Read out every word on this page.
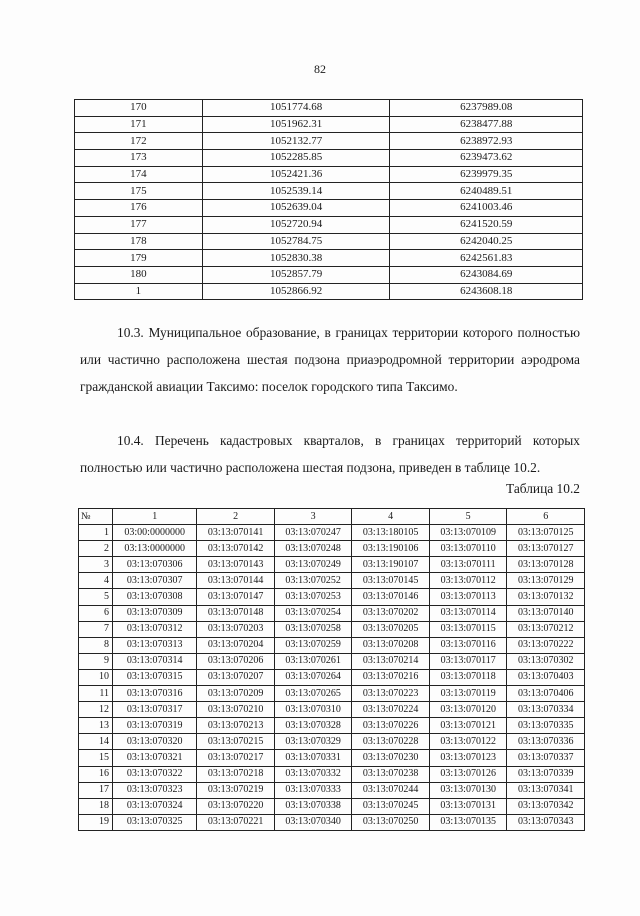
82
170	1051774.68	6237989.08
171	1051962.31	6238477.88
172	1052132.77	6238972.93
173	1052285.85	6239473.62
174	1052421.36	6239979.35
175	1052539.14	6240489.51
176	1052639.04	6241003.46
177	1052720.94	6241520.59
178	1052784.75	6242040.25
179	1052830.38	6242561.83
180	1052857.79	6243084.69
1	1052866.92	6243608.18
10.3. Муниципальное образование, в границах территории которого полностью или частично расположена шестая подзона приаэродромной территории аэродрома гражданской авиации Таксимо: поселок городского типа Таксимо.
10.4. Перечень кадастровых кварталов, в границах территорий которых полностью или частично расположена шестая подзона, приведен в таблице 10.2.
Таблица 10.2
№	1	2	3	4	5	6
1	03:00:0000000	03:13:070141	03:13:070247	03:13:180105	03:13:070109	03:13:070125
2	03:13:0000000	03:13:070142	03:13:070248	03:13:190106	03:13:070110	03:13:070127
3	03:13:070306	03:13:070143	03:13:070249	03:13:190107	03:13:070111	03:13:070128
4	03:13:070307	03:13:070144	03:13:070252	03:13:070145	03:13:070112	03:13:070129
5	03:13:070308	03:13:070147	03:13:070253	03:13:070146	03:13:070113	03:13:070132
6	03:13:070309	03:13:070148	03:13:070254	03:13:070202	03:13:070114	03:13:070140
7	03:13:070312	03:13:070203	03:13:070258	03:13:070205	03:13:070115	03:13:070212
8	03:13:070313	03:13:070204	03:13:070259	03:13:070208	03:13:070116	03:13:070222
9	03:13:070314	03:13:070206	03:13:070261	03:13:070214	03:13:070117	03:13:070302
10	03:13:070315	03:13:070207	03:13:070264	03:13:070216	03:13:070118	03:13:070403
11	03:13:070316	03:13:070209	03:13:070265	03:13:070223	03:13:070119	03:13:070406
12	03:13:070317	03:13:070210	03:13:070310	03:13:070224	03:13:070120	03:13:070334
13	03:13:070319	03:13:070213	03:13:070328	03:13:070226	03:13:070121	03:13:070335
14	03:13:070320	03:13:070215	03:13:070329	03:13:070228	03:13:070122	03:13:070336
15	03:13:070321	03:13:070217	03:13:070331	03:13:070230	03:13:070123	03:13:070337
16	03:13:070322	03:13:070218	03:13:070332	03:13:070238	03:13:070126	03:13:070339
17	03:13:070323	03:13:070219	03:13:070333	03:13:070244	03:13:070130	03:13:070341
18	03:13:070324	03:13:070220	03:13:070338	03:13:070245	03:13:070131	03:13:070342
19	03:13:070325	03:13:070221	03:13:070340	03:13:070250	03:13:070135	03:13:070343
